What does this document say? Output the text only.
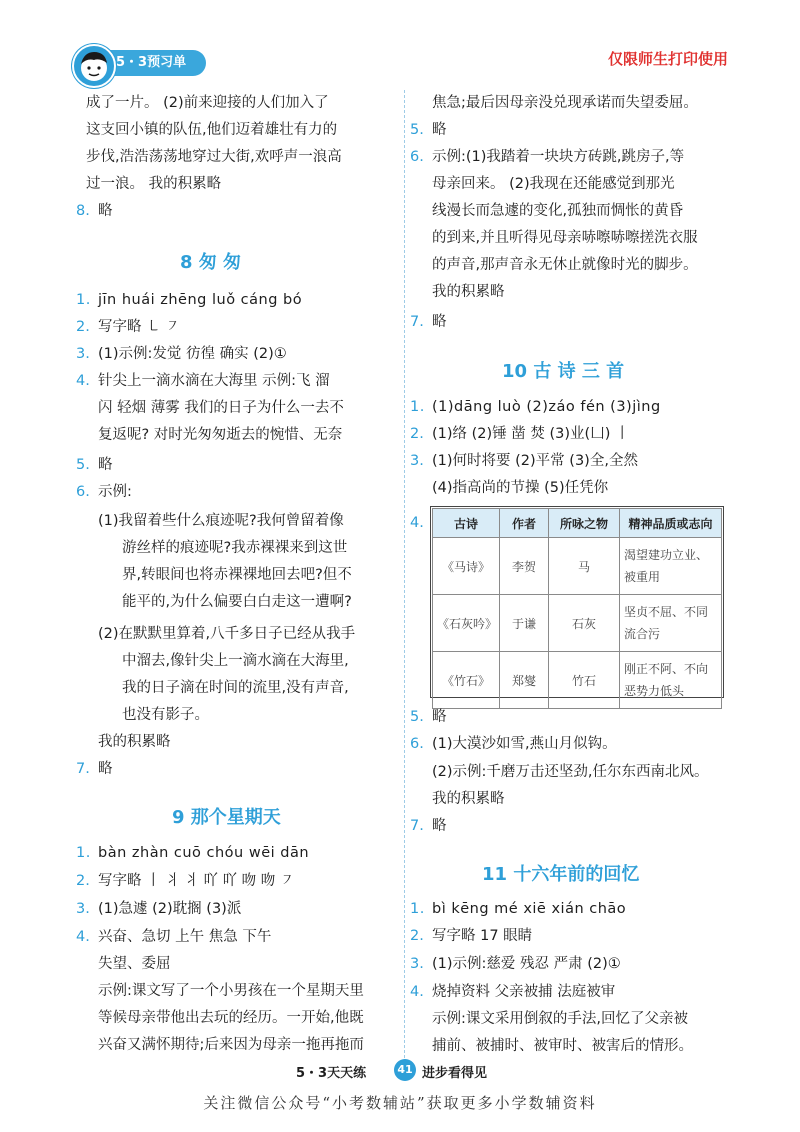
5・3预习单	仅限师生打印使用
成了一片。 (2)前来迎接的人们加入了
这支回小镇的队伍,他们迈着雄壮有力的
步伐,浩浩荡荡地穿过大街,欢呼声一浪高
过一浪。 我的积累略
8. 略
8 匆 匆
1. jīn huái zhēng luǒ cáng bó
2. 写字略 ㇄ ㇇
3. (1)示例:发觉 彷徨 确实 (2)①
4. 针尖上一滴水滴在大海里 示例:飞 溜
闪 轻烟 薄雾 我们的日子为什么一去不
复返呢? 对时光匆匆逝去的惋惜、无奈
5. 略
6. 示例:
(1)我留着些什么痕迹呢?我何曾留着像
游丝样的痕迹呢?我赤裸裸来到这世
界,转眼间也将赤裸裸地回去吧?但不
能平的,为什么偏要白白走这一遭啊?
(2)在默默里算着,八千多日子已经从我手
中溜去,像针尖上一滴水滴在大海里,
我的日子滴在时间的流里,没有声音,
也没有影子。
我的积累略
7. 略
9 那个星期天
1. bàn zhàn cuō chóu wēi dān
2. 写字略 丨 丬 丬 吖 吖 吻 吻 ㇇
3. (1)急遽 (2)耽搁 (3)派
4. 兴奋、急切 上午 焦急 下午
失望、委屈
示例:课文写了一个小男孩在一个星期天里
等候母亲带他出去玩的经历。一开始,他既
兴奋又满怀期待;后来因为母亲一拖再拖而
焦急;最后因母亲没兑现承诺而失望委屈。
5. 略
6. 示例:(1)我踏着一块块方砖跳,跳房子,等
母亲回来。 (2)我现在还能感觉到那光
线漫长而急遽的变化,孤独而惆怅的黄昏
的到来,并且听得见母亲哧嚓哧嚓搓洗衣服
的声音,那声音永无休止就像时光的脚步。
我的积累略
7. 略
10 古 诗 三 首
1. (1)dāng luò (2)záo fén (3)jìng
2. (1)络 (2)锤 凿 焚 (3)业(凵) 丨
3. (1)何时将要 (2)平常 (3)全,全然
(4)指高尚的节操 (5)任凭你
4.	古诗	作者	所咏之物	精神品质或志向
《马诗》	李贺	马	渴望建功立业、被重用
《石灰吟》	于谦	石灰	坚贞不屈、不同流合污
《竹石》	郑燮	竹石	刚正不阿、不向恶势力低头
5. 略
6. (1)大漠沙如雪,燕山月似钩。
(2)示例:千磨万击还坚劲,任尔东西南北风。
我的积累略
7. 略
11 十六年前的回忆
1. bì kēng mé xiē xián chāo
2. 写字略 17 眼睛
3. (1)示例:慈爱 残忍 严肃 (2)①
4. 烧掉资料 父亲被捕 法庭被审
示例:课文采用倒叙的手法,回忆了父亲被
捕前、被捕时、被审时、被害后的情形。
5・3天天练	41 进步看得见
关注微信公众号“小考数辅站”获取更多小学数辅资料
